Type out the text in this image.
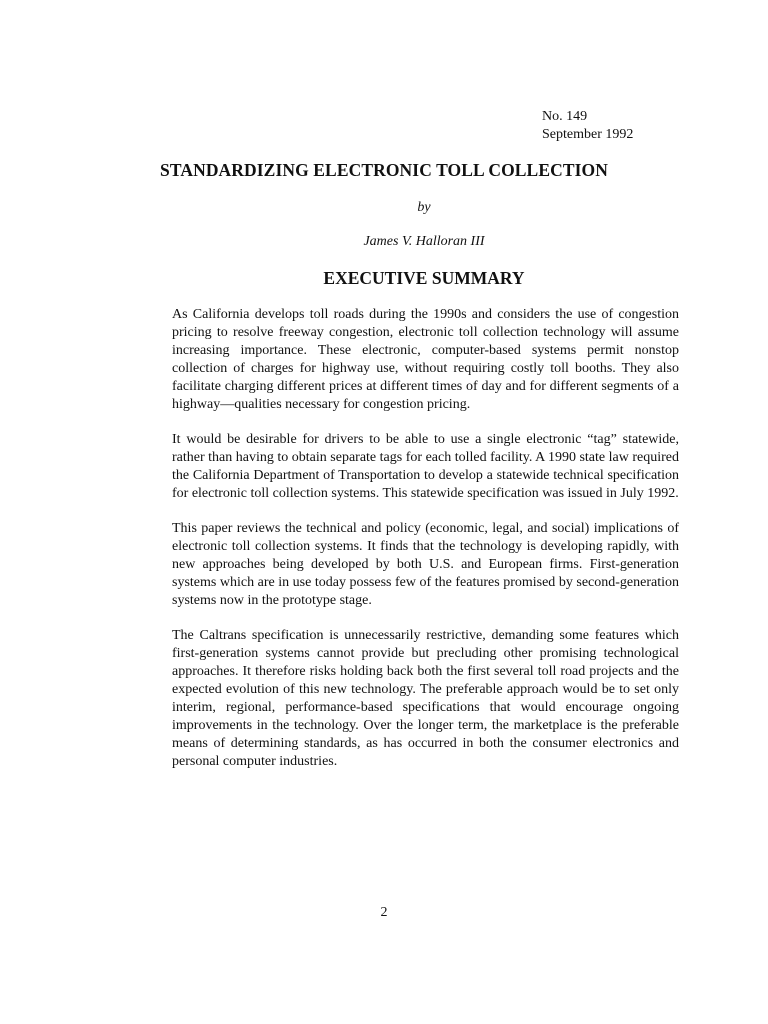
No. 149
September 1992
STANDARDIZING ELECTRONIC TOLL COLLECTION
by
James V. Halloran III
EXECUTIVE SUMMARY

As California develops toll roads during the 1990s and considers the use of congestion pricing to resolve freeway congestion, electronic toll collection technology will assume increasing importance. These electronic, computer-based systems permit nonstop collection of charges for highway use, without requiring costly toll booths. They also facilitate charging different prices at different times of day and for different segments of a highway—qualities necessary for congestion pricing.

It would be desirable for drivers to be able to use a single electronic “tag” statewide, rather than having to obtain separate tags for each tolled facility. A 1990 state law required the California Department of Transportation to develop a statewide technical specification for electronic toll collection systems. This statewide specification was issued in July 1992.

This paper reviews the technical and policy (economic, legal, and social) implications of electronic toll collection systems. It finds that the technology is developing rapidly, with new approaches being developed by both U.S. and European firms. First-generation systems which are in use today possess few of the features promised by second-generation systems now in the prototype stage.

The Caltrans specification is unnecessarily restrictive, demanding some features which first-generation systems cannot provide but precluding other promising technological approaches. It therefore risks holding back both the first several toll road projects and the expected evolution of this new technology. The preferable approach would be to set only interim, regional, performance-based specifications that would encourage ongoing improvements in the technology. Over the longer term, the marketplace is the preferable means of determining standards, as has occurred in both the consumer electronics and personal computer industries.

2
